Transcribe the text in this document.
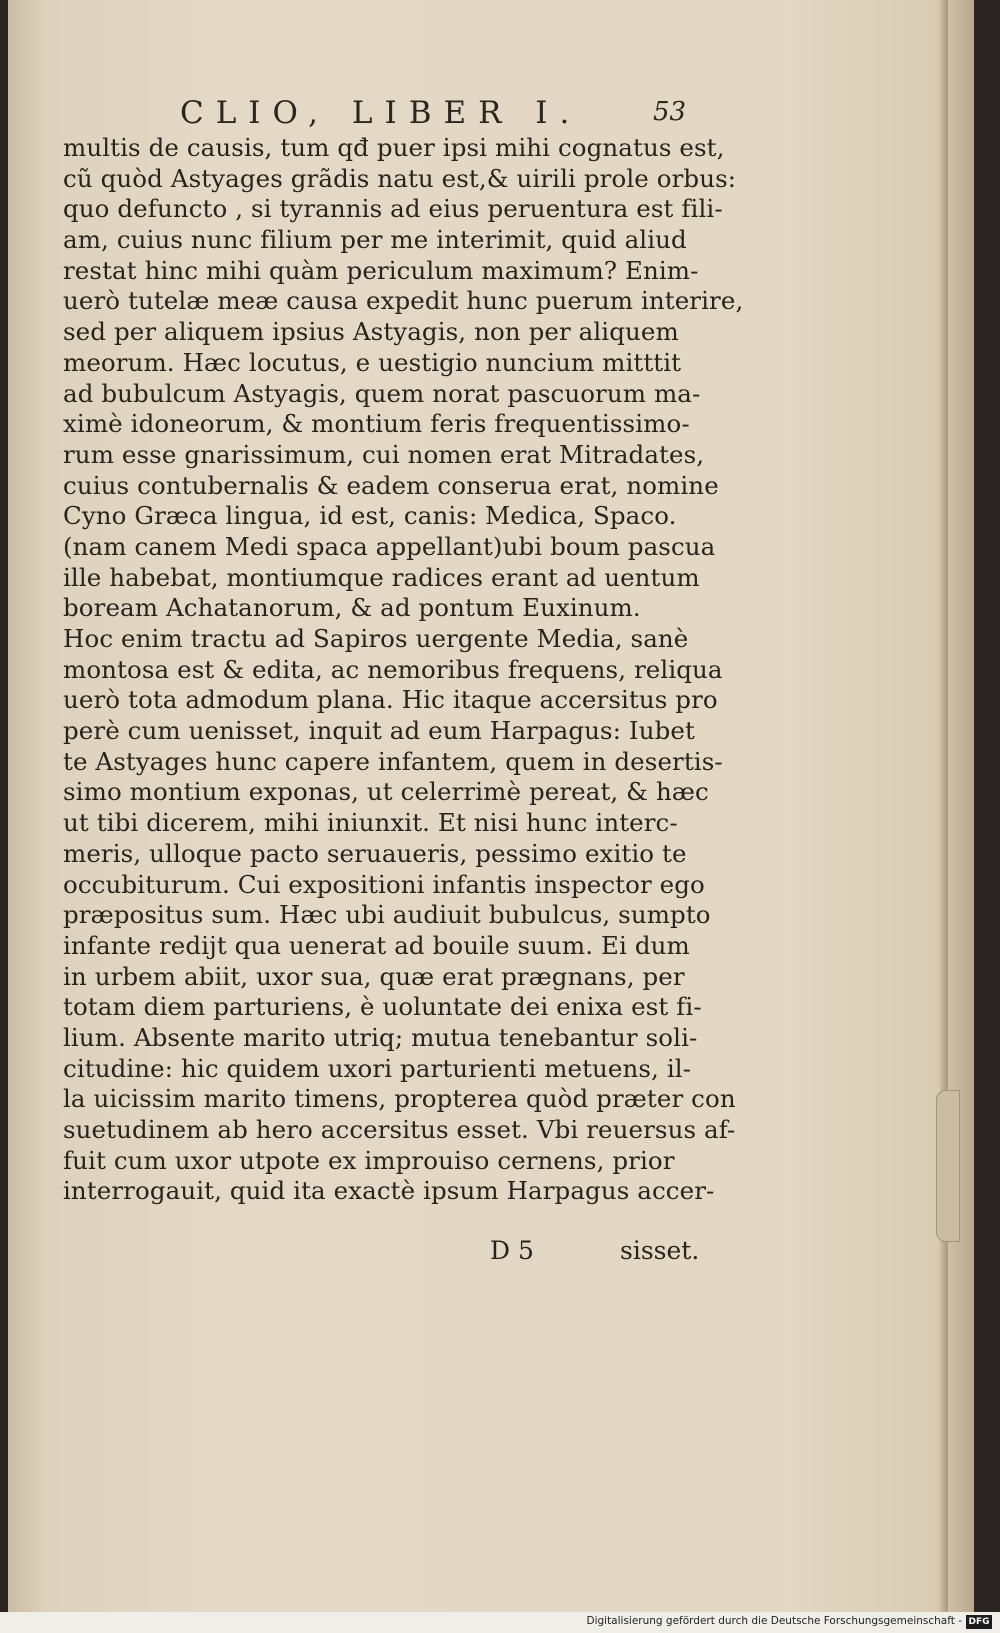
CLIO, LIBER I.	53
multis de causis, tum qđ puer ipsi mihi cognatus est,
cũ quòd Astyages grãdis natu est,& uirili prole orbus:
quo defuncto , si tyrannis ad eius peruentura est fili-
am, cuius nunc filium per me interimit, quid aliud
restat hinc mihi quàm periculum maximum? Enim-
uerò tutelæ meæ causa expedit hunc puerum interire,
sed per aliquem ipsius Astyagis, non per aliquem
meorum. Hæc locutus, e uestigio nuncium mitttit
ad bubulcum Astyagis, quem norat pascuorum ma-
ximè idoneorum, & montium feris frequentissimo-
rum esse gnarissimum, cui nomen erat Mitradates,
cuius contubernalis & eadem conserua erat, nomine
Cyno Græca lingua, id est, canis: Medica, Spaco.
(nam canem Medi spaca appellant)ubi boum pascua
ille habebat, montiumque radices erant ad uentum
boream Achatanorum, & ad pontum Euxinum.
Hoc enim tractu ad Sapiros uergente Media, sanè
montosa est & edita, ac nemoribus frequens, reliqua
uerò tota admodum plana. Hic itaque accersitus pro
perè cum uenisset, inquit ad eum Harpagus: Iubet
te Astyages hunc capere infantem, quem in desertis-
simo montium exponas, ut celerrimè pereat, & hæc
ut tibi dicerem, mihi iniunxit. Et nisi hunc interc-
meris, ulloque pacto seruaueris, pessimo exitio te
occubiturum. Cui expositioni infantis inspector ego
præpositus sum. Hæc ubi audiuit bubulcus, sumpto
infante redijt qua uenerat ad bouile suum. Ei dum
in urbem abiit, uxor sua, quæ erat prægnans, per
totam diem parturiens, è uoluntate dei enixa est fi-
lium. Absente marito utriq; mutua tenebantur soli-
citudine: hic quidem uxori parturienti metuens, il-
la uicissim marito timens, propterea quòd præter con
suetudinem ab hero accersitus esset. Vbi reuersus af-
fuit cum uxor utpote ex improuiso cernens, prior
interrogauit, quid ita exactè ipsum Harpagus accer-
D 5	sisset.
Digitalisierung gefördert durch die Deutsche Forschungsgemeinschaft - DFG
